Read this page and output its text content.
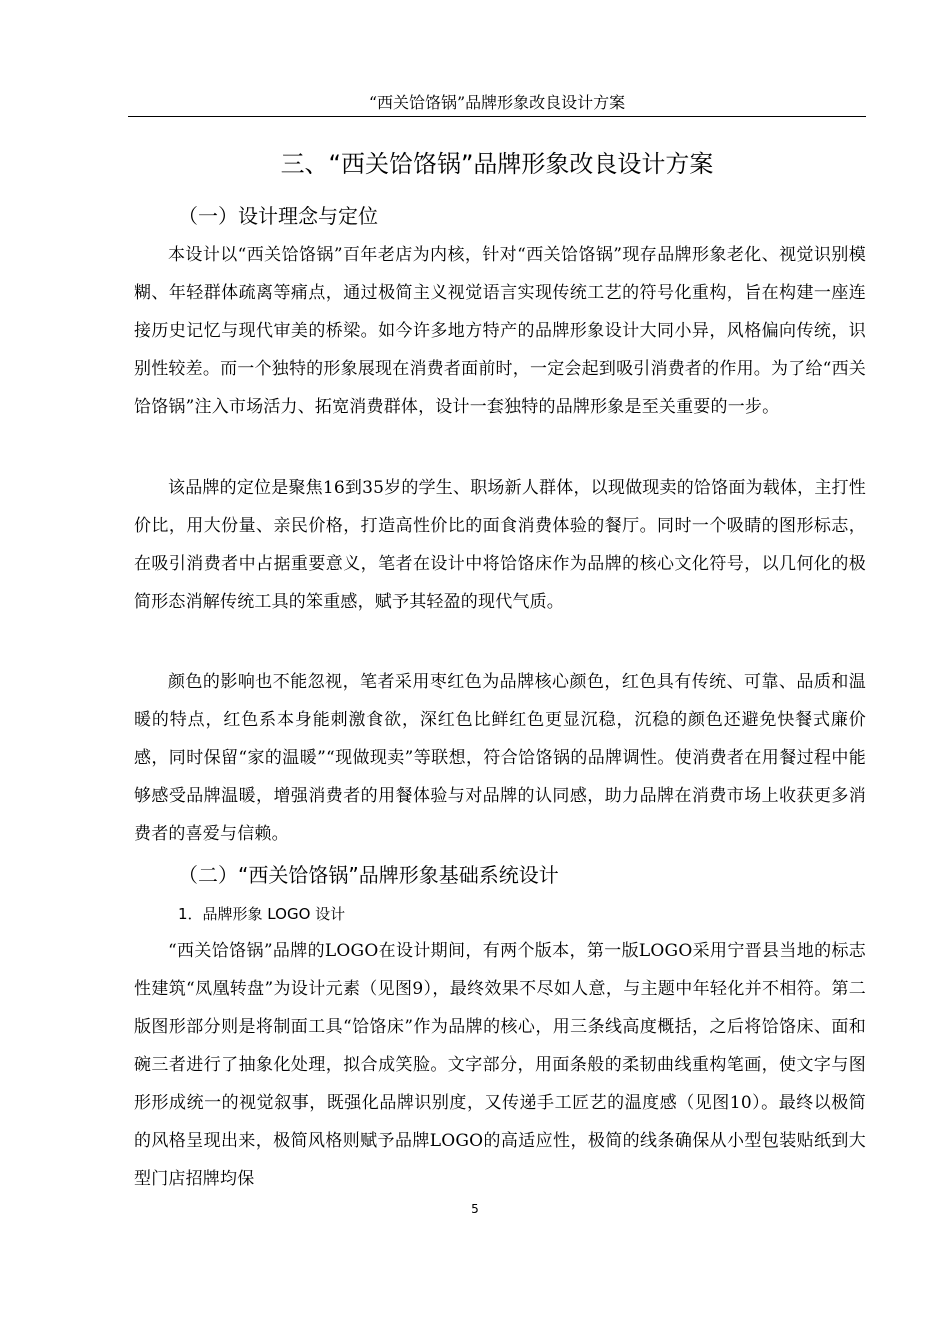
“西关饸饹锅”品牌形象改良设计方案
三、“西关饸饹锅”品牌形象改良设计方案
（一）设计理念与定位

本设计以“西关饸饹锅”百年老店为内核，针对“西关饸饹锅”现存品牌形象老化、视觉识别模糊、年轻群体疏离等痛点，通过极简主义视觉语言实现传统工艺的符号化重构，旨在构建一座连接历史记忆与现代审美的桥梁。如今许多地方特产的品牌形象设计大同小异，风格偏向传统，识别性较差。而一个独特的形象展现在消费者面前时，一定会起到吸引消费者的作用。为了给“西关饸饹锅”注入市场活力、拓宽消费群体，设计一套独特的品牌形象是至关重要的一步。

该品牌的定位是聚焦16到35岁的学生、职场新人群体，以现做现卖的饸饹面为载体，主打性价比，用大份量、亲民价格，打造高性价比的面食消费体验的餐厅。同时一个吸睛的图形标志，在吸引消费者中占据重要意义，笔者在设计中将饸饹床作为品牌的核心文化符号，以几何化的极简形态消解传统工具的笨重感，赋予其轻盈的现代气质。

颜色的影响也不能忽视，笔者采用枣红色为品牌核心颜色，红色具有传统、可靠、品质和温暖的特点，红色系本身能刺激食欲，深红色比鲜红色更显沉稳，沉稳的颜色还避免快餐式廉价感，同时保留“家的温暖”“现做现卖”等联想，符合饸饹锅的品牌调性。使消费者在用餐过程中能够感受品牌温暖，增强消费者的用餐体验与对品牌的认同感，助力品牌在消费市场上收获更多消费者的喜爱与信赖。

（二）“西关饸饹锅”品牌形象基础系统设计
1．品牌形象 LOGO 设计

“西关饸饹锅”品牌的LOGO在设计期间，有两个版本，第一版LOGO采用宁晋县当地的标志性建筑“凤凰转盘”为设计元素（见图9），最终效果不尽如人意，与主题中年轻化并不相符。第二版图形部分则是将制面工具“饸饹床”作为品牌的核心，用三条线高度概括，之后将饸饹床、面和碗三者进行了抽象化处理，拟合成笑脸。文字部分，用面条般的柔韧曲线重构笔画，使文字与图形形成统一的视觉叙事，既强化品牌识别度，又传递手工匠艺的温度感（见图10）。最终以极简的风格呈现出来，极简风格则赋予品牌LOGO的高适应性，极简的线条确保从小型包装贴纸到大型门店招牌均保

5
